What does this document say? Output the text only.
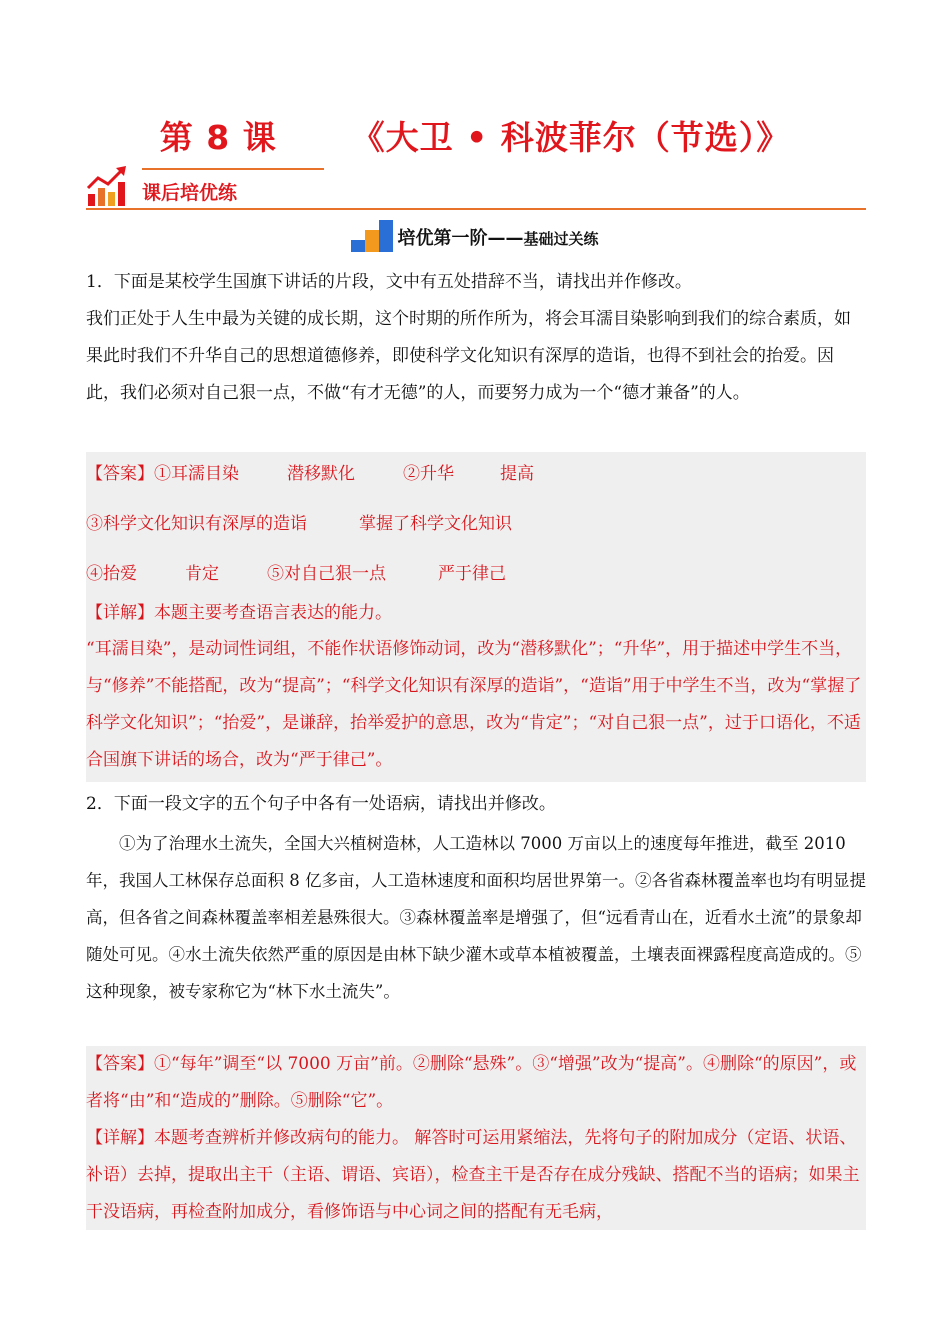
第 8 课      《大卫 • 科波菲尔（节选）》
课后培优练
培优第一阶——基础过关练
1．下面是某校学生国旗下讲话的片段，文中有五处措辞不当，请找出并作修改。
我们正处于人生中最为关键的成长期，这个时期的所作所为，将会耳濡目染影响到我们的综合素质，如果此时我们不升华自己的思想道德修养，即使科学文化知识有深厚的造诣，也得不到社会的抬爱。因此，我们必须对自己狠一点，不做“有才无德”的人，而要努力成为一个“德才兼备”的人。
【答案】①耳濡目染	潜移默化	②升华	提高
③科学文化知识有深厚的造诣	掌握了科学文化知识
④抬爱	肯定	⑤对自己狠一点	严于律己
【详解】本题主要考查语言表达的能力。
“耳濡目染”，是动词性词组，不能作状语修饰动词，改为“潜移默化”；“升华”，用于描述中学生不当，与“修养”不能搭配，改为“提高”；“科学文化知识有深厚的造诣”，“造诣”用于中学生不当，改为“掌握了科学文化知识”；“抬爱”，是谦辞，抬举爱护的意思，改为“肯定”；“对自己狠一点”，过于口语化，不适合国旗下讲话的场合，改为“严于律己”。
2．下面一段文字的五个句子中各有一处语病，请找出并修改。
①为了治理水土流失，全国大兴植树造林，人工造林以 7000 万亩以上的速度每年推进，截至 2010 年，我国人工林保存总面积 8 亿多亩，人工造林速度和面积均居世界第一。②各省森林覆盖率也均有明显提高，但各省之间森林覆盖率相差悬殊很大。③森林覆盖率是增强了，但“远看青山在，近看水土流”的景象却随处可见。④水土流失依然严重的原因是由林下缺少灌木或草本植被覆盖，土壤表面裸露程度高造成的。⑤这种现象，被专家称它为“林下水土流失”。
【答案】①“每年”调至“以 7000 万亩”前。②删除“悬殊”。③“增强”改为“提高”。④删除“的原因”，或者将“由”和“造成的”删除。⑤删除“它”。
【详解】本题考查辨析并修改病句的能力。 解答时可运用紧缩法，先将句子的附加成分（定语、状语、补语）去掉，提取出主干（主语、谓语、宾语），检查主干是否存在成分残缺、搭配不当的语病；如果主干没语病，再检查附加成分，看修饰语与中心词之间的搭配有无毛病，
